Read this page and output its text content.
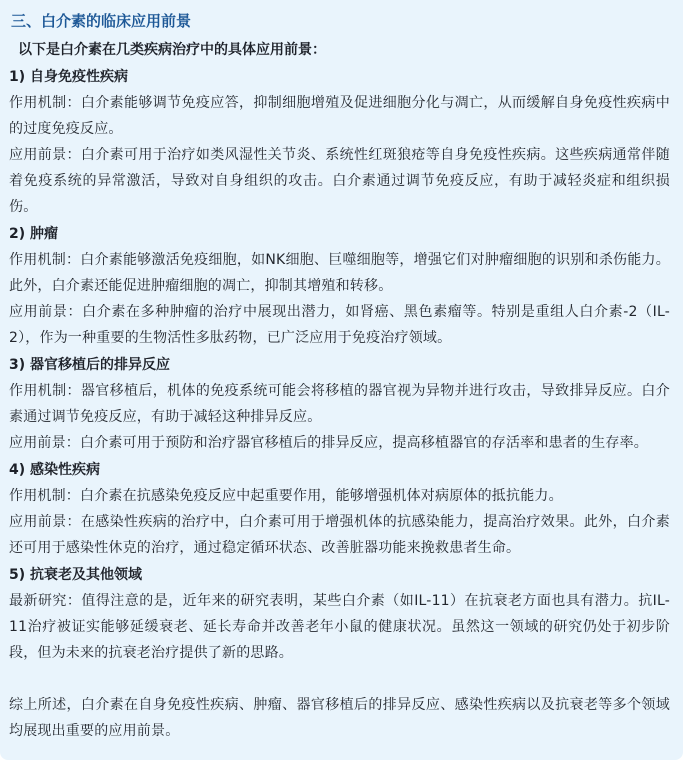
三、白介素的临床应用前景

以下是白介素在几类疾病治疗中的具体应用前景：

1) 自身免疫性疾病

作用机制：白介素能够调节免疫应答，抑制细胞增殖及促进细胞分化与凋亡，从而缓解自身免疫性疾病中的过度免疫反应。

应用前景：白介素可用于治疗如类风湿性关节炎、系统性红斑狼疮等自身免疫性疾病。这些疾病通常伴随着免疫系统的异常激活，导致对自身组织的攻击。白介素通过调节免疫反应，有助于减轻炎症和组织损伤。

2) 肿瘤

作用机制：白介素能够激活免疫细胞，如NK细胞、巨噬细胞等，增强它们对肿瘤细胞的识别和杀伤能力。此外，白介素还能促进肿瘤细胞的凋亡，抑制其增殖和转移。

应用前景：白介素在多种肿瘤的治疗中展现出潜力，如肾癌、黑色素瘤等。特别是重组人白介素-2（IL-2），作为一种重要的生物活性多肽药物，已广泛应用于免疫治疗领域。

3) 器官移植后的排异反应

作用机制：器官移植后，机体的免疫系统可能会将移植的器官视为异物并进行攻击，导致排异反应。白介素通过调节免疫反应，有助于减轻这种排异反应。

应用前景：白介素可用于预防和治疗器官移植后的排异反应，提高移植器官的存活率和患者的生存率。

4) 感染性疾病

作用机制：白介素在抗感染免疫反应中起重要作用，能够增强机体对病原体的抵抗能力。

应用前景：在感染性疾病的治疗中，白介素可用于增强机体的抗感染能力，提高治疗效果。此外，白介素还可用于感染性休克的治疗，通过稳定循环状态、改善脏器功能来挽救患者生命。

5) 抗衰老及其他领域

最新研究：值得注意的是，近年来的研究表明，某些白介素（如IL-11）在抗衰老方面也具有潜力。抗IL-11治疗被证实能够延缓衰老、延长寿命并改善老年小鼠的健康状况。虽然这一领域的研究仍处于初步阶段，但为未来的抗衰老治疗提供了新的思路。

综上所述，白介素在自身免疫性疾病、肿瘤、器官移植后的排异反应、感染性疾病以及抗衰老等多个领域均展现出重要的应用前景。
